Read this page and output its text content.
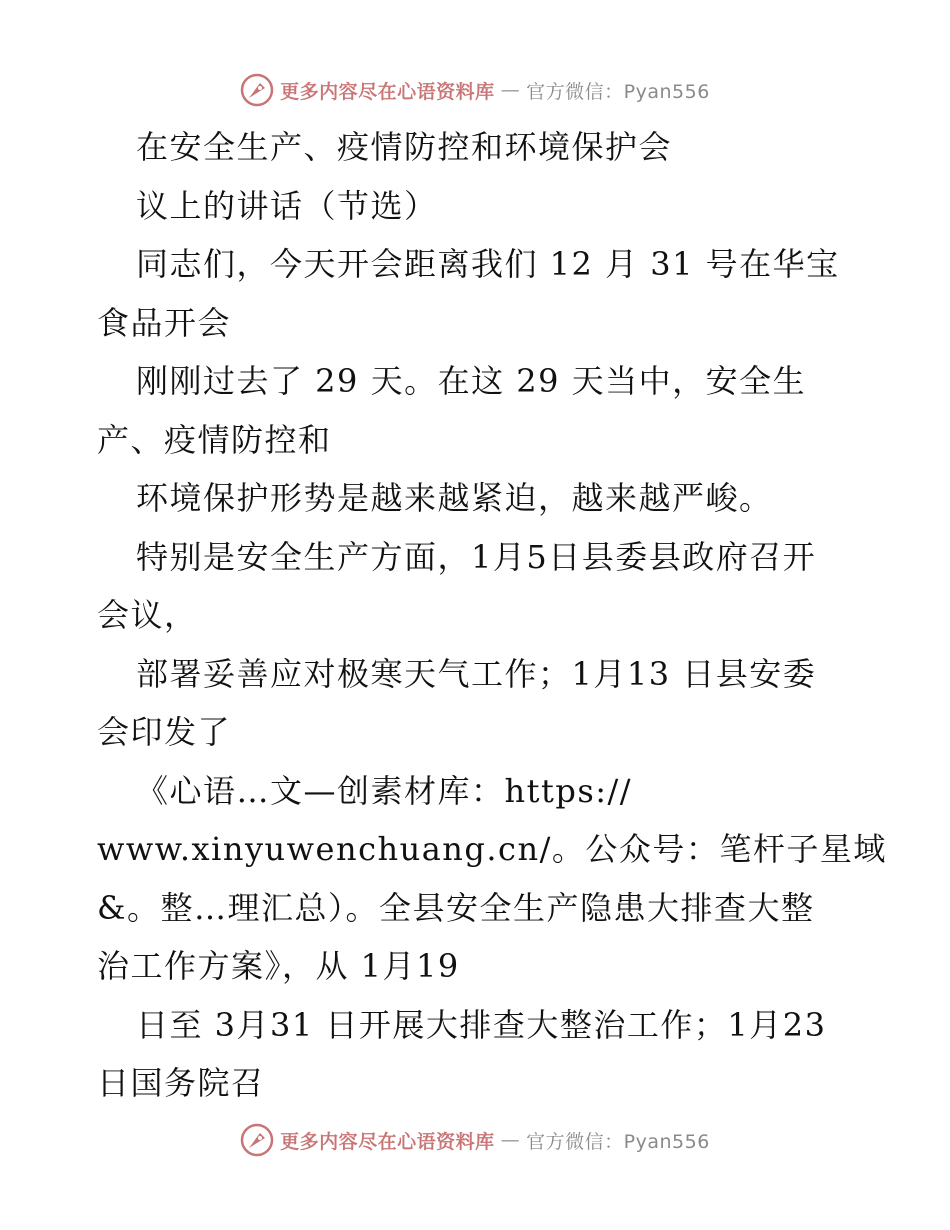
更多内容尽在心语资料库 — 官方微信：Pyan556
在安全生产、疫情防控和环境保护会
议上的讲话（节选）
同志们，今天开会距离我们 12 月 31 号在华宝
食品开会
刚刚过去了 29 天。在这 29 天当中，安全生
产、疫情防控和
环境保护形势是越来越紧迫，越来越严峻。
特别是安全生产方面，1月5日县委县政府召开
会议，
部署妥善应对极寒天气工作；1月13 日县安委
会印发了
《心语…文—创素材库：https://
www.xinyuwenchuang.cn/。公众号：笔杆子星域
&。整…理汇总）。全县安全生产隐患大排查大整
治工作方案》，从 1月19
日至 3月31 日开展大排查大整治工作；1月23
日国务院召
更多内容尽在心语资料库 — 官方微信：Pyan556
